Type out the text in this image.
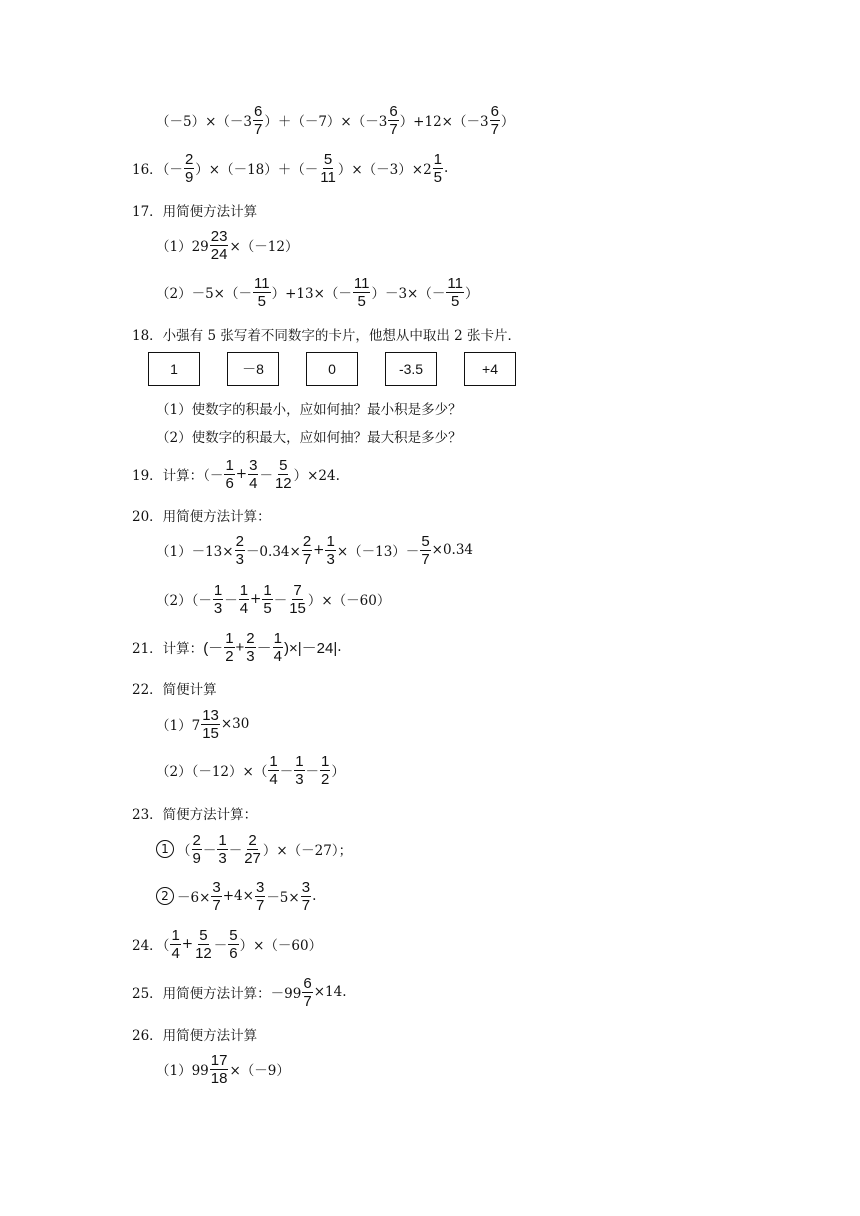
$(-5)\times(-3 \frac{6}{7} )+(-7)\times(-3 \frac{6}{7} )+12\times(-3 \frac{6}{7}$ ）
16．（－ $\frac{2}{9} )\times(-18)+(- \frac{5}{11} )\times(-3)\times 2 \frac{1}{5}$ .
17．用简便方法计算
$(1)29 \frac{23}{24} \times(-12)$
$(2)-5\times(- \frac{11}{5} )+13\times(- \frac{11}{5} )-3\times(- \frac{11}{5}$ ）
18．小强有 5 张写着不同数字的卡片，他想从中取出 2 张卡片．
（1）使数字的积最小，应如何抽？最小积是多少？
（2）使数字的积最大，应如何抽？最大积是多少？
19．计算：（－ $\frac{1}{6} + \frac{3}{4} - \frac{5}{12} )\times 24$.
20．用简便方法计算：
$(1)-13\times \frac{2}{3} -0.34\times \frac{2}{7} + \frac{1}{3} \times(-13)- \frac{5}{7} \times 0.34$
$(2)(- \frac{1}{3} - \frac{1}{4} + \frac{1}{5} - \frac{7}{15} )\times(-60)$
21．计算： (－ $\frac{1}{2} + \frac{2}{3} - \frac{1}{4} )\times|-24|$ .
22．简便计算
$(1)7 \frac{13}{15} \times 30$
$(2)(-12)\times( \frac{1}{4} - \frac{1}{3} - \frac{1}{2}$ ）
23．简便方法计算：
1 （ $\frac{2}{9} - \frac{1}{3} - \frac{2}{27} )\times(-27)$；
$2 -6\times \frac{3}{7} +4\times \frac{3}{7} -5\times \frac{3}{7}$ .
24．（ $\frac{1}{4} + \frac{5}{12} - \frac{5}{6} )\times(-60)$
25．用简便方法计算：$-99 \frac{6}{7} \times 14$.
26．用简便方法计算
$(1)99 \frac{17}{18} \times(-9)$
1	－8	0	-3.5	+4
